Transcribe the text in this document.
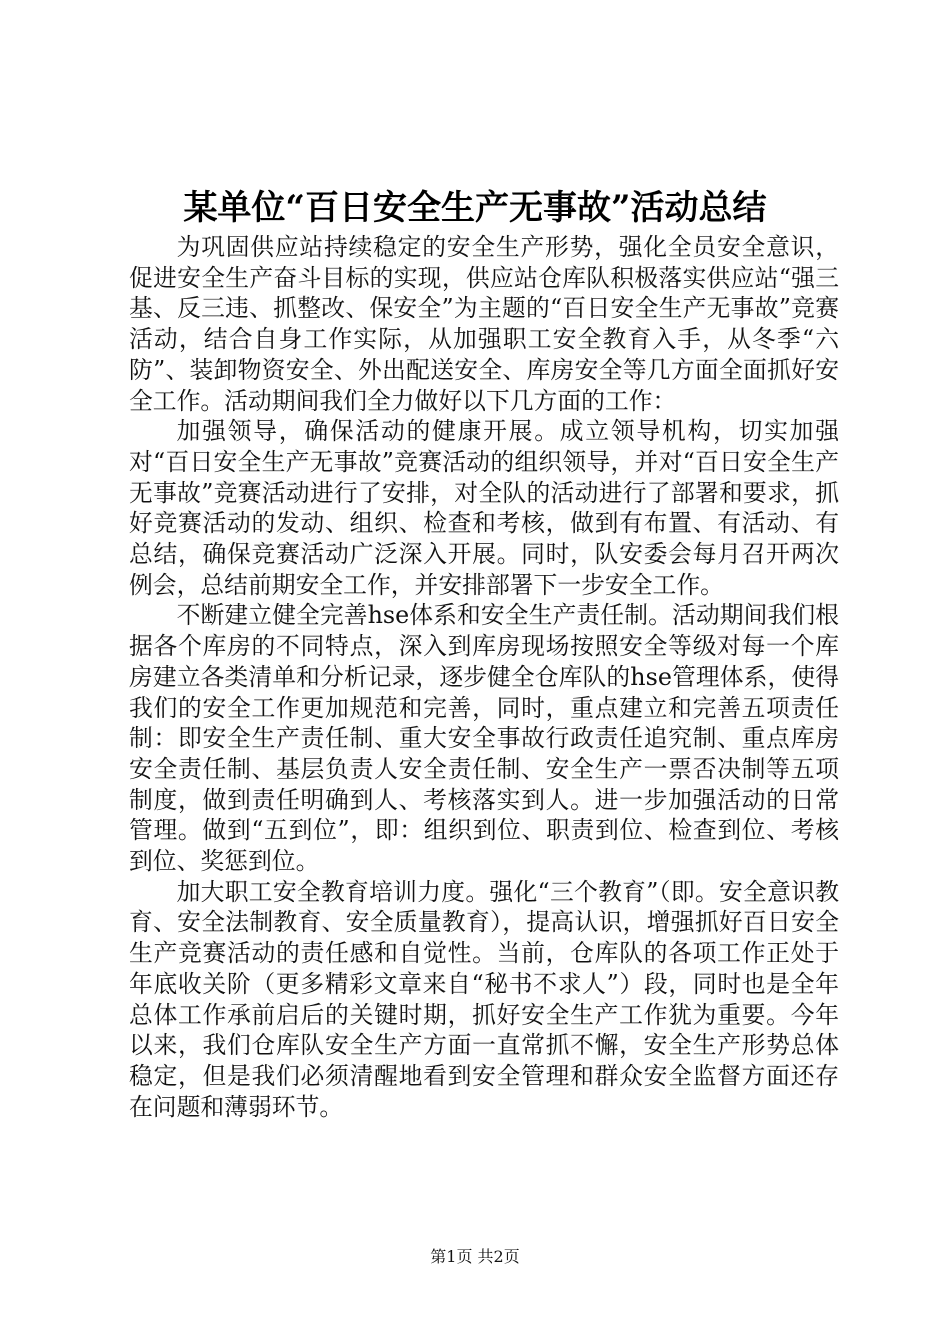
某单位“百日安全生产无事故”活动总结

为巩固供应站持续稳定的安全生产形势，强化全员安全意识，促进安全生产奋斗目标的实现，供应站仓库队积极落实供应站“强三基、反三违、抓整改、保安全”为主题的“百日安全生产无事故”竞赛活动，结合自身工作实际，从加强职工安全教育入手，从冬季“六防”、装卸物资安全、外出配送安全、库房安全等几方面全面抓好安全工作。活动期间我们全力做好以下几方面的工作：

加强领导，确保活动的健康开展。成立领导机构，切实加强对“百日安全生产无事故”竞赛活动的组织领导，并对“百日安全生产无事故”竞赛活动进行了安排，对全队的活动进行了部署和要求，抓好竞赛活动的发动、组织、检查和考核，做到有布置、有活动、有总结，确保竞赛活动广泛深入开展。同时，队安委会每月召开两次例会，总结前期安全工作，并安排部署下一步安全工作。

不断建立健全完善hse体系和安全生产责任制。活动期间我们根据各个库房的不同特点，深入到库房现场按照安全等级对每一个库房建立各类清单和分析记录，逐步健全仓库队的hse管理体系，使得我们的安全工作更加规范和完善，同时，重点建立和完善五项责任制：即安全生产责任制、重大安全事故行政责任追究制、重点库房安全责任制、基层负责人安全责任制、安全生产一票否决制等五项制度，做到责任明确到人、考核落实到人。进一步加强活动的日常管理。做到“五到位”，即：组织到位、职责到位、检查到位、考核到位、奖惩到位。

加大职工安全教育培训力度。强化“三个教育”（即。安全意识教育、安全法制教育、安全质量教育），提高认识，增强抓好百日安全生产竞赛活动的责任感和自觉性。当前，仓库队的各项工作正处于年底收关阶（更多精彩文章来自“秘书不求人”）段，同时也是全年总体工作承前启后的关键时期，抓好安全生产工作犹为重要。今年以来，我们仓库队安全生产方面一直常抓不懈，安全生产形势总体稳定，但是我们必须清醒地看到安全管理和群众安全监督方面还存在问题和薄弱环节。

第1页 共2页
